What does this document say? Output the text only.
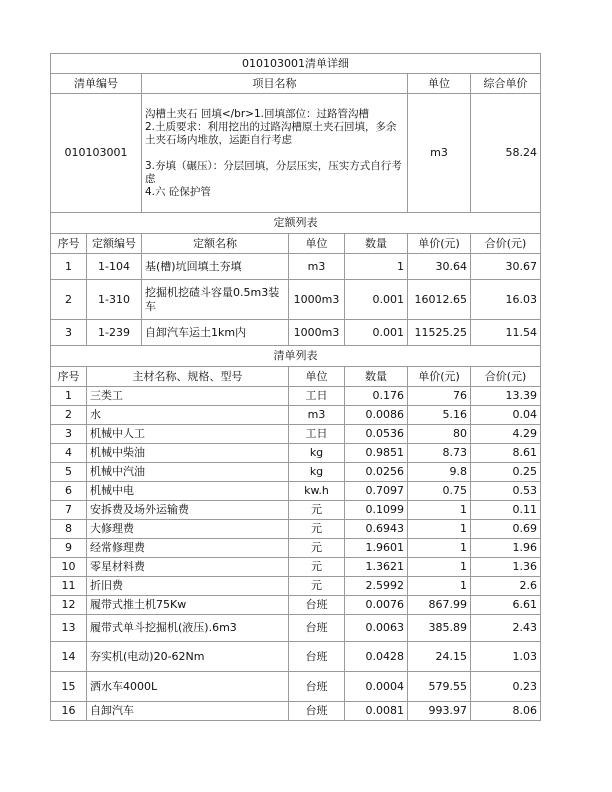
010103001清单详细						
清单编号		项目名称			单位	综合单价
010103001		沟槽土夹石 回填</br>1.回填部位：过路管沟槽
2.土质要求：利用挖出的过路沟槽原土夹石回填，多余土夹石场内堆放，运距自行考虑

3.夯填（碾压）：分层回填，分层压实，压实方式自行考虑
4.六 砼保护管			m3	58.24
定额列表						
序号	定额编号	定额名称	单位	数量	单价(元)	合价(元)
1	1-104	基(槽)坑回填土夯填	m3	1	30.64	30.67
2	1-310	挖掘机挖碴斗容量0.5m3装车	1000m3	0.001	16012.65	16.03
3	1-239	自卸汽车运土1km内	1000m3	0.001	11525.25	11.54
清单列表						
序号	主材名称、规格、型号		单位	数量	单价(元)	合价(元)
1	三类工		工日	0.176	76	13.39
2	水		m3	0.0086	5.16	0.04
3	机械中人工		工日	0.0536	80	4.29
4	机械中柴油		kg	0.9851	8.73	8.61
5	机械中汽油		kg	0.0256	9.8	0.25
6	机械中电		kw.h	0.7097	0.75	0.53
7	安拆费及场外运输费		元	0.1099	1	0.11
8	大修理费		元	0.6943	1	0.69
9	经常修理费		元	1.9601	1	1.96
10	零星材料费		元	1.3621	1	1.36
11	折旧费		元	2.5992	1	2.6
12	履带式推土机75Kw		台班	0.0076	867.99	6.61
13	履带式单斗挖掘机(液压).6m3		台班	0.0063	385.89	2.43
14	夯实机(电动)20-62Nm		台班	0.0428	24.15	1.03
15	洒水车4000L		台班	0.0004	579.55	0.23
16	自卸汽车		台班	0.0081	993.97	8.06
